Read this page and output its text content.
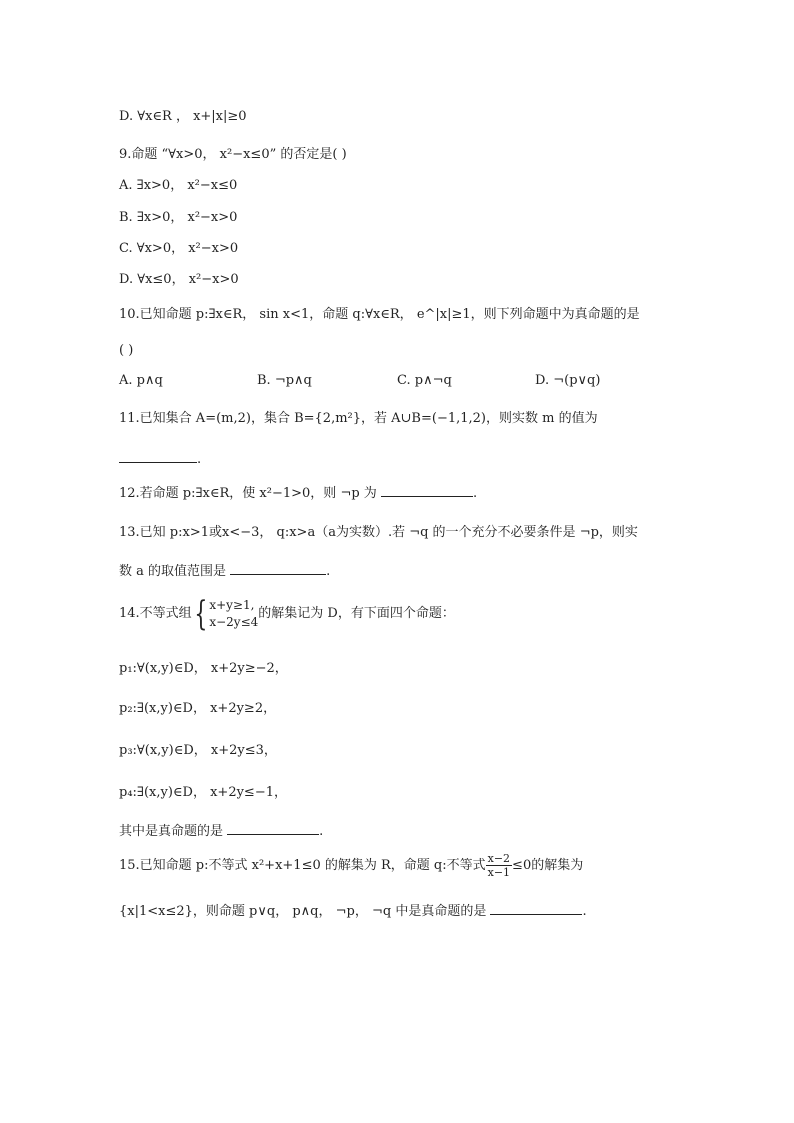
D. ∀x∈R ， x+|x|≥0
9.命题 “∀x>0， x²−x≤0” 的否定是( )
A. ∃x>0， x²−x≤0
B. ∃x>0， x²−x>0
C. ∀x>0， x²−x>0
D. ∀x≤0， x²−x>0
10.已知命题 p:∃x∈R， sin x<1，命题 q:∀x∈R， e^|x|≥1，则下列命题中为真命题的是
( )
A. p∧q	B. ¬p∧q	C. p∧¬q	D. ¬(p∨q)
11.已知集合 A=(m,2)，集合 B={2,m²}，若 A∪B=(−1,1,2)，则实数 m 的值为
.
12.若命题 p:∃x∈R，使 x²−1>0，则 ¬p 为	.
13.已知 p:x>1或x<−3， q:x>a（a为实数）.若 ¬q 的一个充分不必要条件是 ¬p，则实
数 a 的取值范围是	.
14.不等式组{ x+y≥1,
x−2y≤4的解集记为 D，有下面四个命题：
p₁:∀(x,y)∈D， x+2y≥−2，
p₂:∃(x,y)∈D， x+2y≥2，
p₃:∀(x,y)∈D， x+2y≤3，
p₄:∃(x,y)∈D， x+2y≤−1，
其中是真命题的是	.
15.已知命题 p:不等式 x²+x+1≤0 的解集为 R，命题 q:不等式$\frac{x-2}{x-1}\le 0$的解集为
{x|1<x≤2}，则命题 p∨q， p∧q， ¬p， ¬q 中是真命题的是	.
